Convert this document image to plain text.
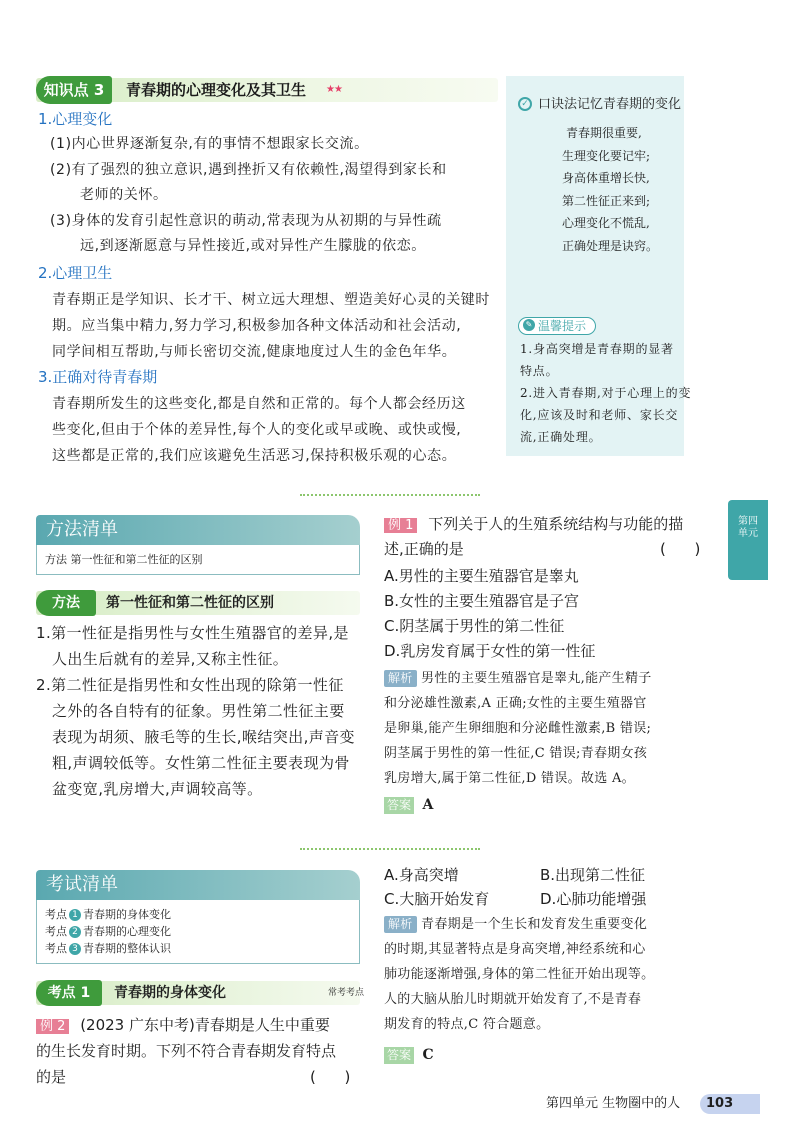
知识点 3	青春期的心理变化及其卫生 ★★
1.心理变化
(1)内心世界逐渐复杂,有的事情不想跟家长交流。
(2)有了强烈的独立意识,遇到挫折又有依赖性,渴望得到家长和
老师的关怀。
(3)身体的发育引起性意识的萌动,常表现为从初期的与异性疏
远,到逐渐愿意与异性接近,或对异性产生朦胧的依恋。
2.心理卫生
青春期正是学知识、长才干、树立远大理想、塑造美好心灵的关键时
期。应当集中精力,努力学习,积极参加各种文体活动和社会活动,
同学间相互帮助,与师长密切交流,健康地度过人生的金色年华。
3.正确对待青春期
青春期所发生的这些变化,都是自然和正常的。每个人都会经历这
些变化,但由于个体的差异性,每个人的变化或早或晚、或快或慢,
这些都是正常的,我们应该避免生活恶习,保持积极乐观的心态。
✓ 口诀法记忆青春期的变化
青春期很重要,
生理变化要记牢;
身高体重增长快,
第二性征正来到;
心理变化不慌乱,
正确处理是诀窍。
✎ 温馨提示
1.身高突增是青春期的显著
特点。
2.进入青春期,对于心理上的变
化,应该及时和老师、家长交
流,正确处理。
第四单元
方法清单
方法 第一性征和第二性征的区别
方法	第一性征和第二性征的区别
1.第一性征是指男性与女性生殖器官的差异,是
人出生后就有的差异,又称主性征。
2.第二性征是指男性和女性出现的除第一性征
之外的各自特有的征象。男性第二性征主要
表现为胡须、腋毛等的生长,喉结突出,声音变
粗,声调较低等。女性第二性征主要表现为骨
盆变宽,乳房增大,声调较高等。
例 1 下列关于人的生殖系统结构与功能的描
述,正确的是	(      )
A.男性的主要生殖器官是睾丸
B.女性的主要生殖器官是子宫
C.阴茎属于男性的第二性征
D.乳房发育属于女性的第一性征
解析 男性的主要生殖器官是睾丸,能产生精子
和分泌雄性激素,A 正确;女性的主要生殖器官
是卵巢,能产生卵细胞和分泌雌性激素,B 错误;
阴茎属于男性的第一性征,C 错误;青春期女孩
乳房增大,属于第二性征,D 错误。故选 A。
答案 A
考试清单
考点 1 青春期的身体变化
考点 2 青春期的心理变化
考点 3 青春期的整体认识
考点 1	青春期的身体变化	常考考点
例 2 (2023 广东中考)青春期是人生中重要
的生长发育时期。下列不符合青春期发育特点
的是	(      )
A.身高突增	B.出现第二性征
C.大脑开始发育	D.心肺功能增强
解析 青春期是一个生长和发育发生重要变化
的时期,其显著特点是身高突增,神经系统和心
肺功能逐渐增强,身体的第二性征开始出现等。
人的大脑从胎儿时期就开始发育了,不是青春
期发育的特点,C 符合题意。
答案 C
第四单元 生物圈中的人	103
